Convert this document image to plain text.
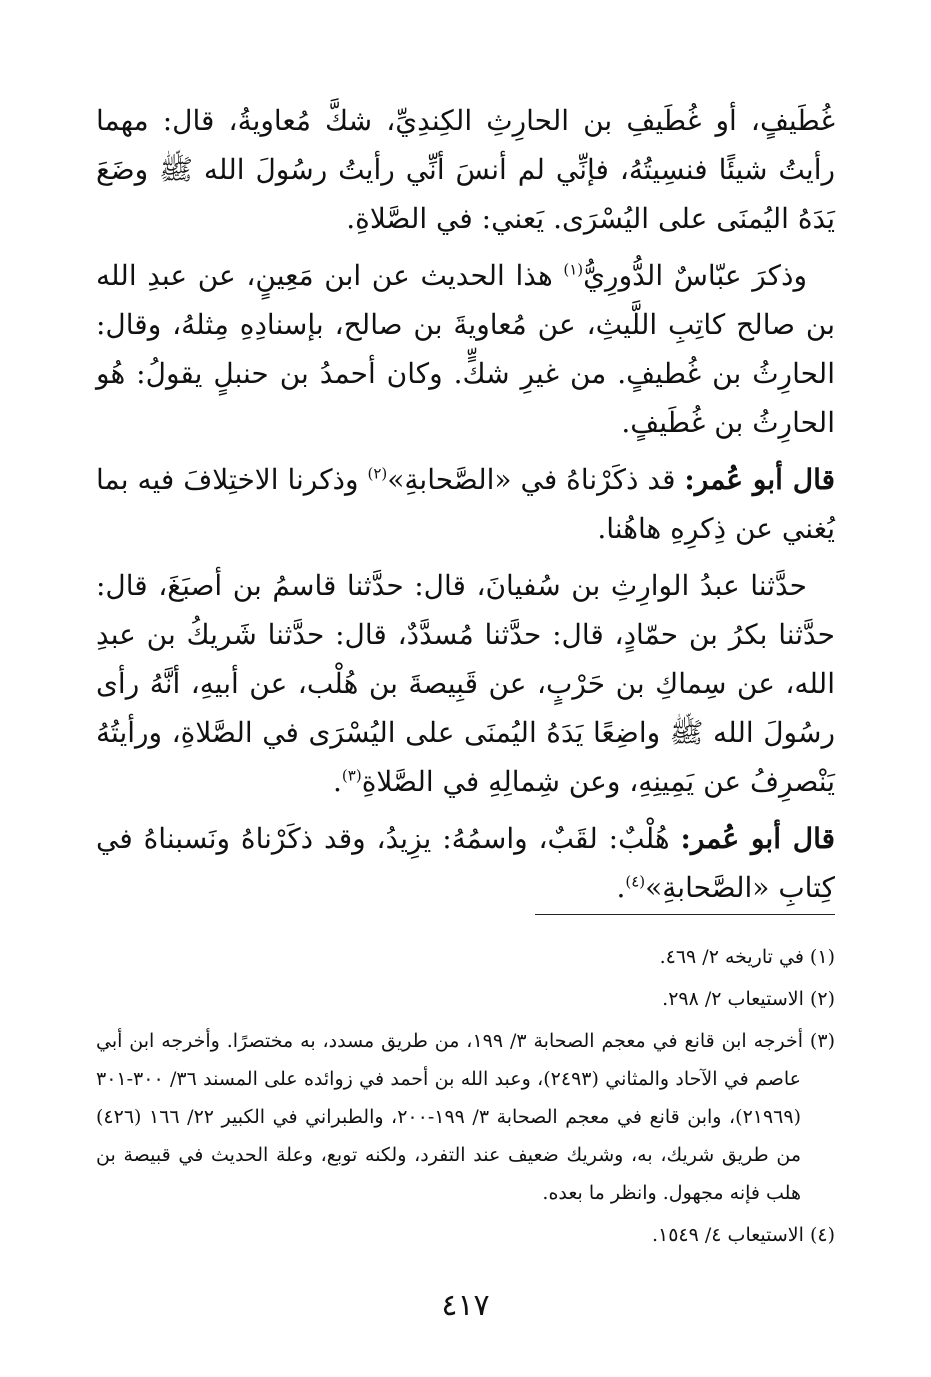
غُطَيفٍ، أو غُطَيفِ بن الحارِثِ الكِندِيِّ، شكَّ مُعاويةُ، قال: مهما رأيتُ شيئًا فنسِيتُهُ، فإنِّي لم أنسَ أنِّي رأيتُ رسُولَ الله ﷺ وضَعَ يَدَهُ اليُمنَى على اليُسْرَى. يَعني: في الصَّلاةِ.

وذكرَ عبّاسٌ الدُّورِيُّ$^{(١)}$ هذا الحديث عن ابن مَعِينٍ، عن عبدِ الله بن صالح كاتِبِ اللَّيثِ، عن مُعاويةَ بن صالح، بإسنادِهِ مِثلهُ، وقال: الحارِثُ بن غُطيفٍ. من غيرِ شكٍّ. وكان أحمدُ بن حنبلٍ يقولُ: هُو الحارِثُ بن غُطَيفٍ.

قال أبو عُمر: قد ذكَرْناهُ في «الصَّحابةِ»$^{(٢)}$ وذكرنا الاختِلافَ فيه بما يُغني عن ذِكرِهِ هاهُنا.

حدَّثنا عبدُ الوارِثِ بن سُفيانَ، قال: حدَّثنا قاسمُ بن أصبَغَ، قال: حدَّثنا بكرُ بن حمّادٍ، قال: حدَّثنا مُسدَّدٌ، قال: حدَّثنا شَريكُ بن عبدِ الله، عن سِماكِ بن حَرْبٍ، عن قَبِيصةَ بن هُلْب، عن أبيهِ، أنَّهُ رأى رسُولَ الله ﷺ واضِعًا يَدَهُ اليُمنَى على اليُسْرَى في الصَّلاةِ، ورأيتُهُ يَنْصرِفُ عن يَمِينِهِ، وعن شِمالِهِ في الصَّلاةِ$^{(٣)}$.

قال أبو عُمر: هُلْبٌ: لقَبٌ، واسمُهُ: يزِيدُ، وقد ذكَرْناهُ ونَسبناهُ في كِتابِ «الصَّحابةِ»$^{(٤)}$.

(١) في تاريخه ٢/ ٤٦٩.

(٢) الاستيعاب ٢/ ٢٩٨.

(٣) أخرجه ابن قانع في معجم الصحابة ٣/ ١٩٩، من طريق مسدد، به مختصرًا. وأخرجه ابن أبي عاصم في الآحاد والمثاني (٢٤٩٣)، وعبد الله بن أحمد في زوائده على المسند ٣٦/ ٣٠٠-٣٠١ (٢١٩٦٩)، وابن قانع في معجم الصحابة ٣/ ١٩٩-٢٠٠، والطبراني في الكبير ٢٢/ ١٦٦ (٤٢٦) من طريق شريك، به، وشريك ضعيف عند التفرد، ولكنه توبع، وعلة الحديث في قبيصة بن هلب فإنه مجهول. وانظر ما بعده.

(٤) الاستيعاب ٤/ ١٥٤٩.

٤١٧
